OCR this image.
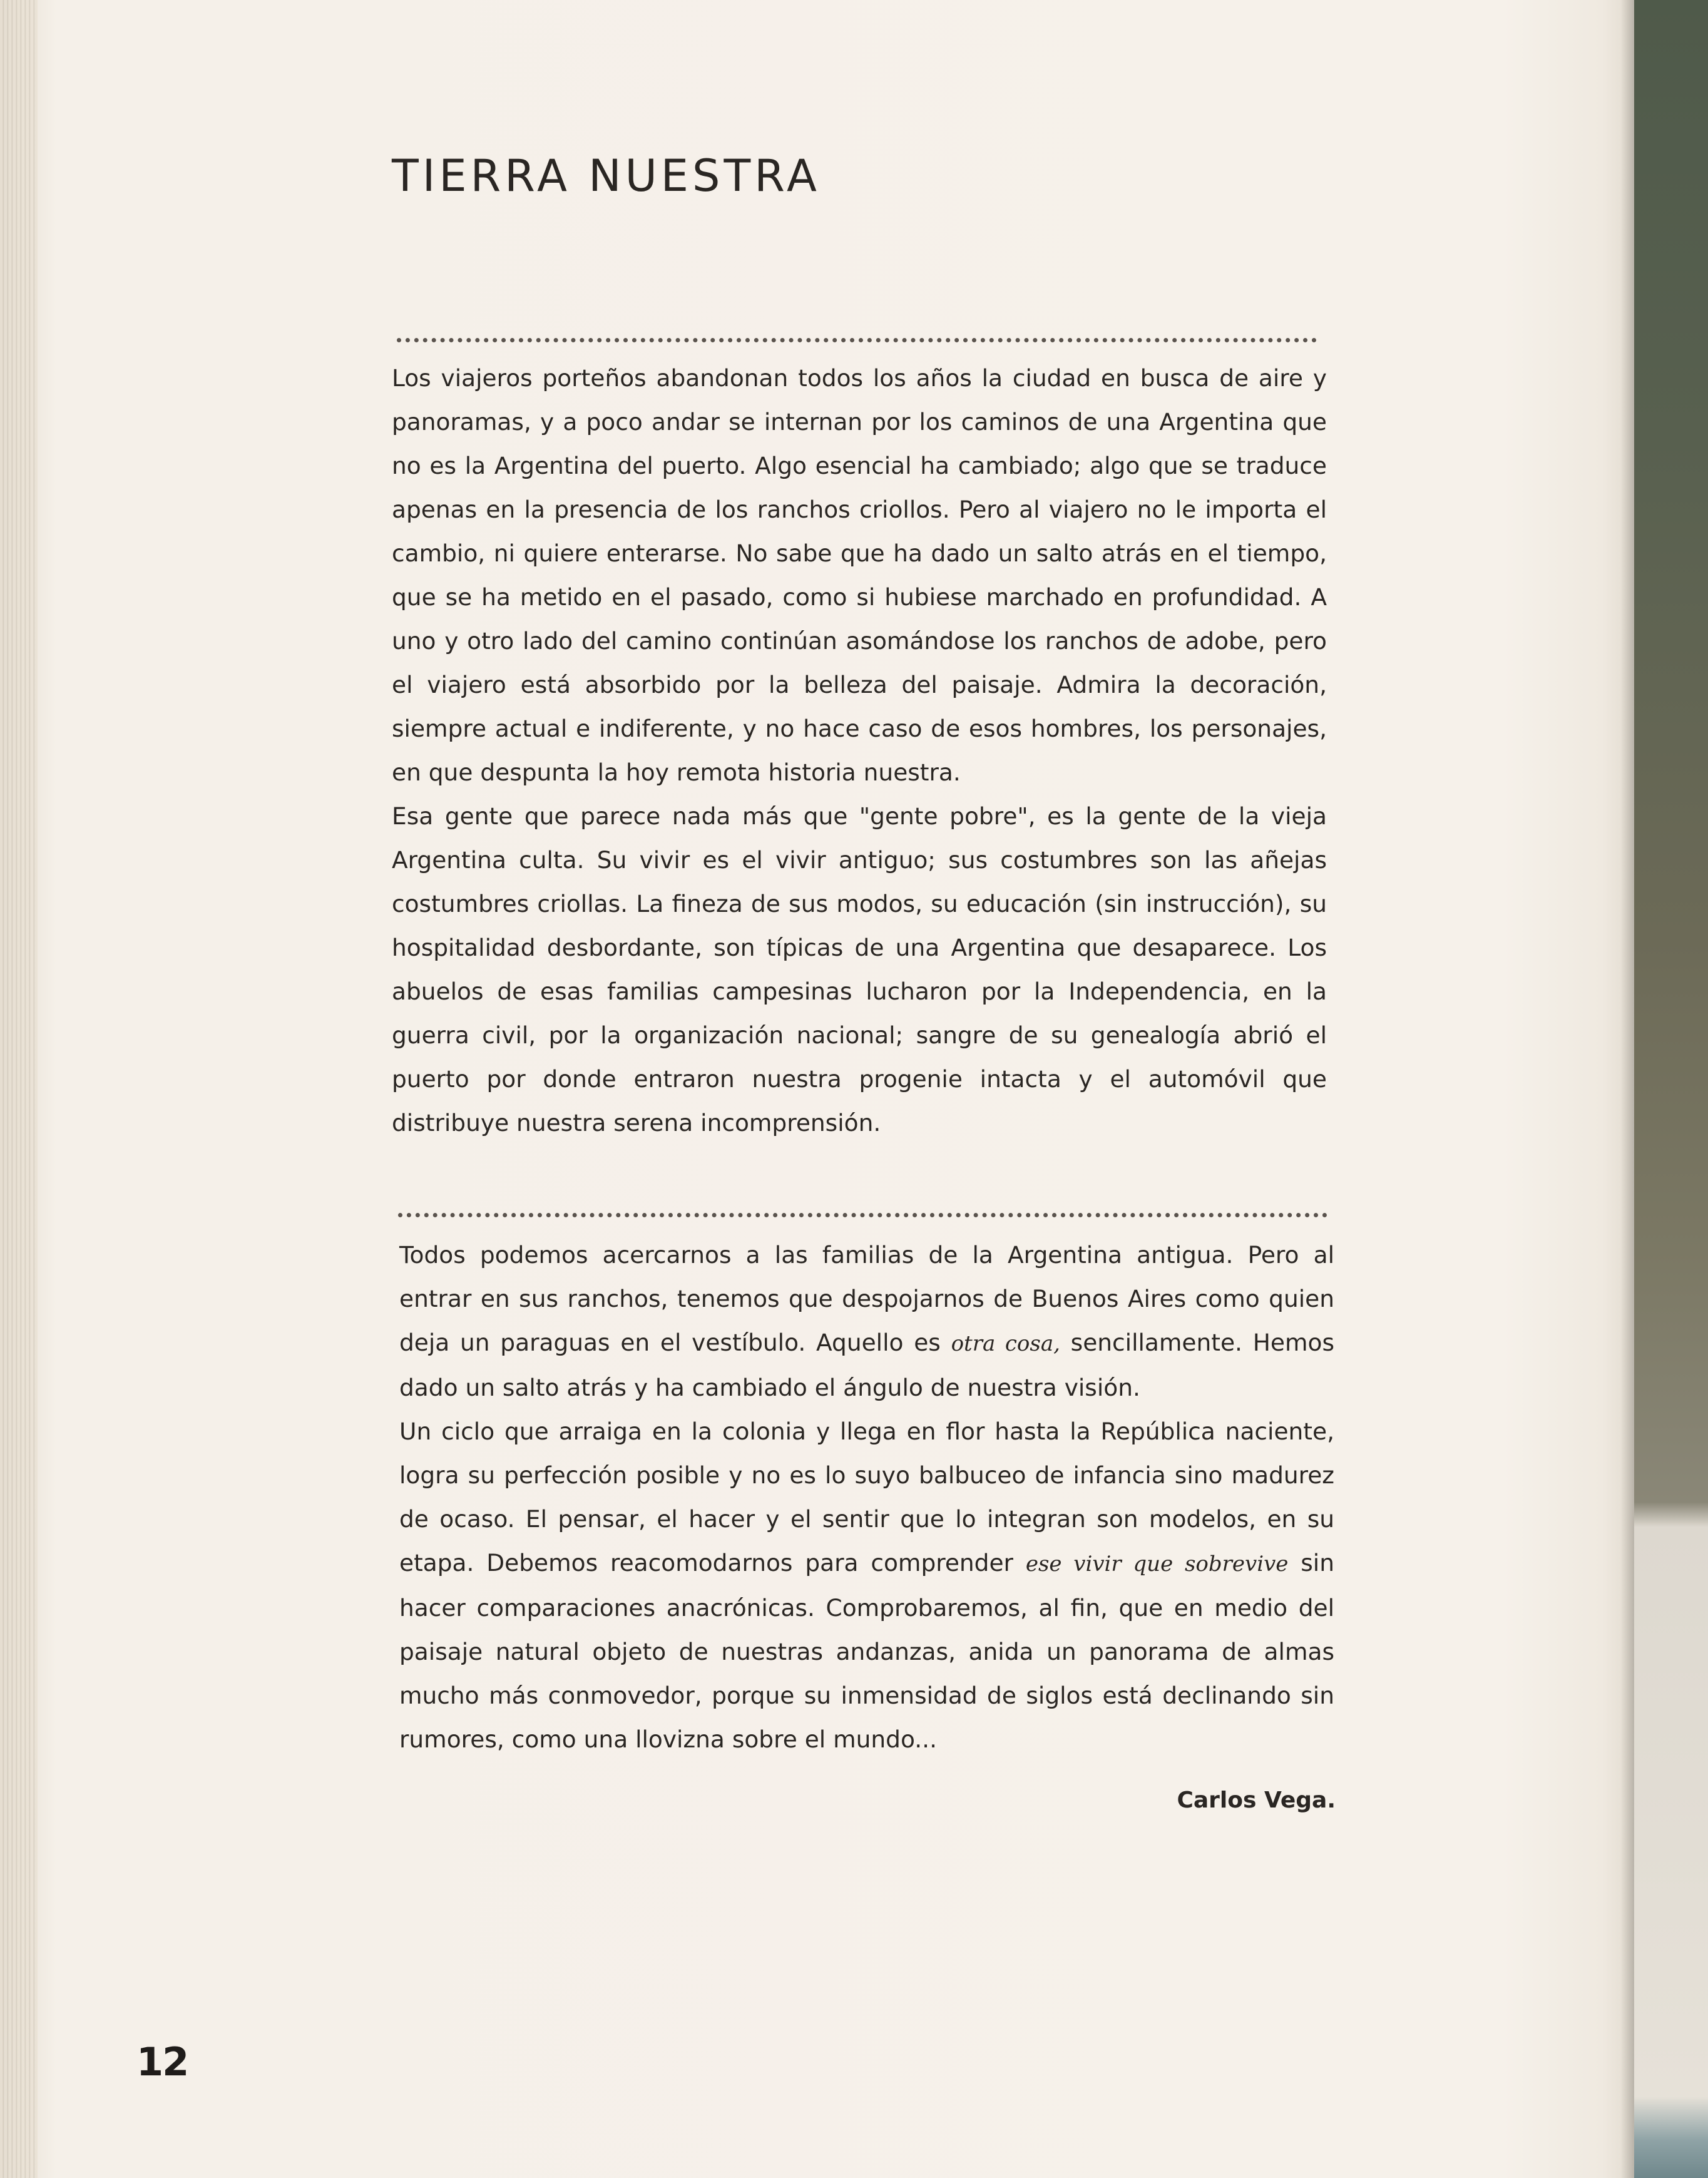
TIERRA NUESTRA

Los viajeros porteños abandonan todos los años la ciudad en busca de aire y panoramas, y a poco andar se internan por los caminos de una Argentina que no es la Argentina del puerto. Algo esencial ha cambiado; algo que se traduce apenas en la presencia de los ranchos criollos. Pero al viajero no le importa el cambio, ni quiere enterarse. No sabe que ha dado un salto atrás en el tiempo, que se ha metido en el pasado, como si hubiese marchado en profundidad. A uno y otro lado del camino continúan asomándose los ranchos de adobe, pero el viajero está absorbido por la belleza del paisaje. Admira la decoración, siempre actual e indiferente, y no hace caso de esos hombres, los personajes, en que despunta la hoy remota historia nuestra.

Esa gente que parece nada más que "gente pobre", es la gente de la vieja Argentina culta. Su vivir es el vivir antiguo; sus costumbres son las añejas costumbres criollas. La fineza de sus modos, su educación (sin instrucción), su hospitalidad desbordante, son típicas de una Argentina que desaparece. Los abuelos de esas familias campesinas lucharon por la Independencia, en la guerra civil, por la organización nacional; sangre de su genealogía abrió el puerto por donde entraron nuestra progenie intacta y el automóvil que distribuye nuestra serena incomprensión.

Todos podemos acercarnos a las familias de la Argentina antigua. Pero al entrar en sus ranchos, tenemos que despojarnos de Buenos Aires como quien deja un paraguas en el vestíbulo. Aquello es otra cosa, sencillamente. Hemos dado un salto atrás y ha cambiado el ángulo de nuestra visión.

Un ciclo que arraiga en la colonia y llega en flor hasta la República naciente, logra su perfección posible y no es lo suyo balbuceo de infancia sino madurez de ocaso. El pensar, el hacer y el sentir que lo integran son modelos, en su etapa. Debemos reacomodarnos para comprender ese vivir que sobrevive sin hacer comparaciones anacrónicas. Comprobaremos, al fin, que en medio del paisaje natural objeto de nuestras andanzas, anida un panorama de almas mucho más conmovedor, porque su inmensidad de siglos está declinando sin rumores, como una llovizna sobre el mundo...

Carlos Vega.

12
